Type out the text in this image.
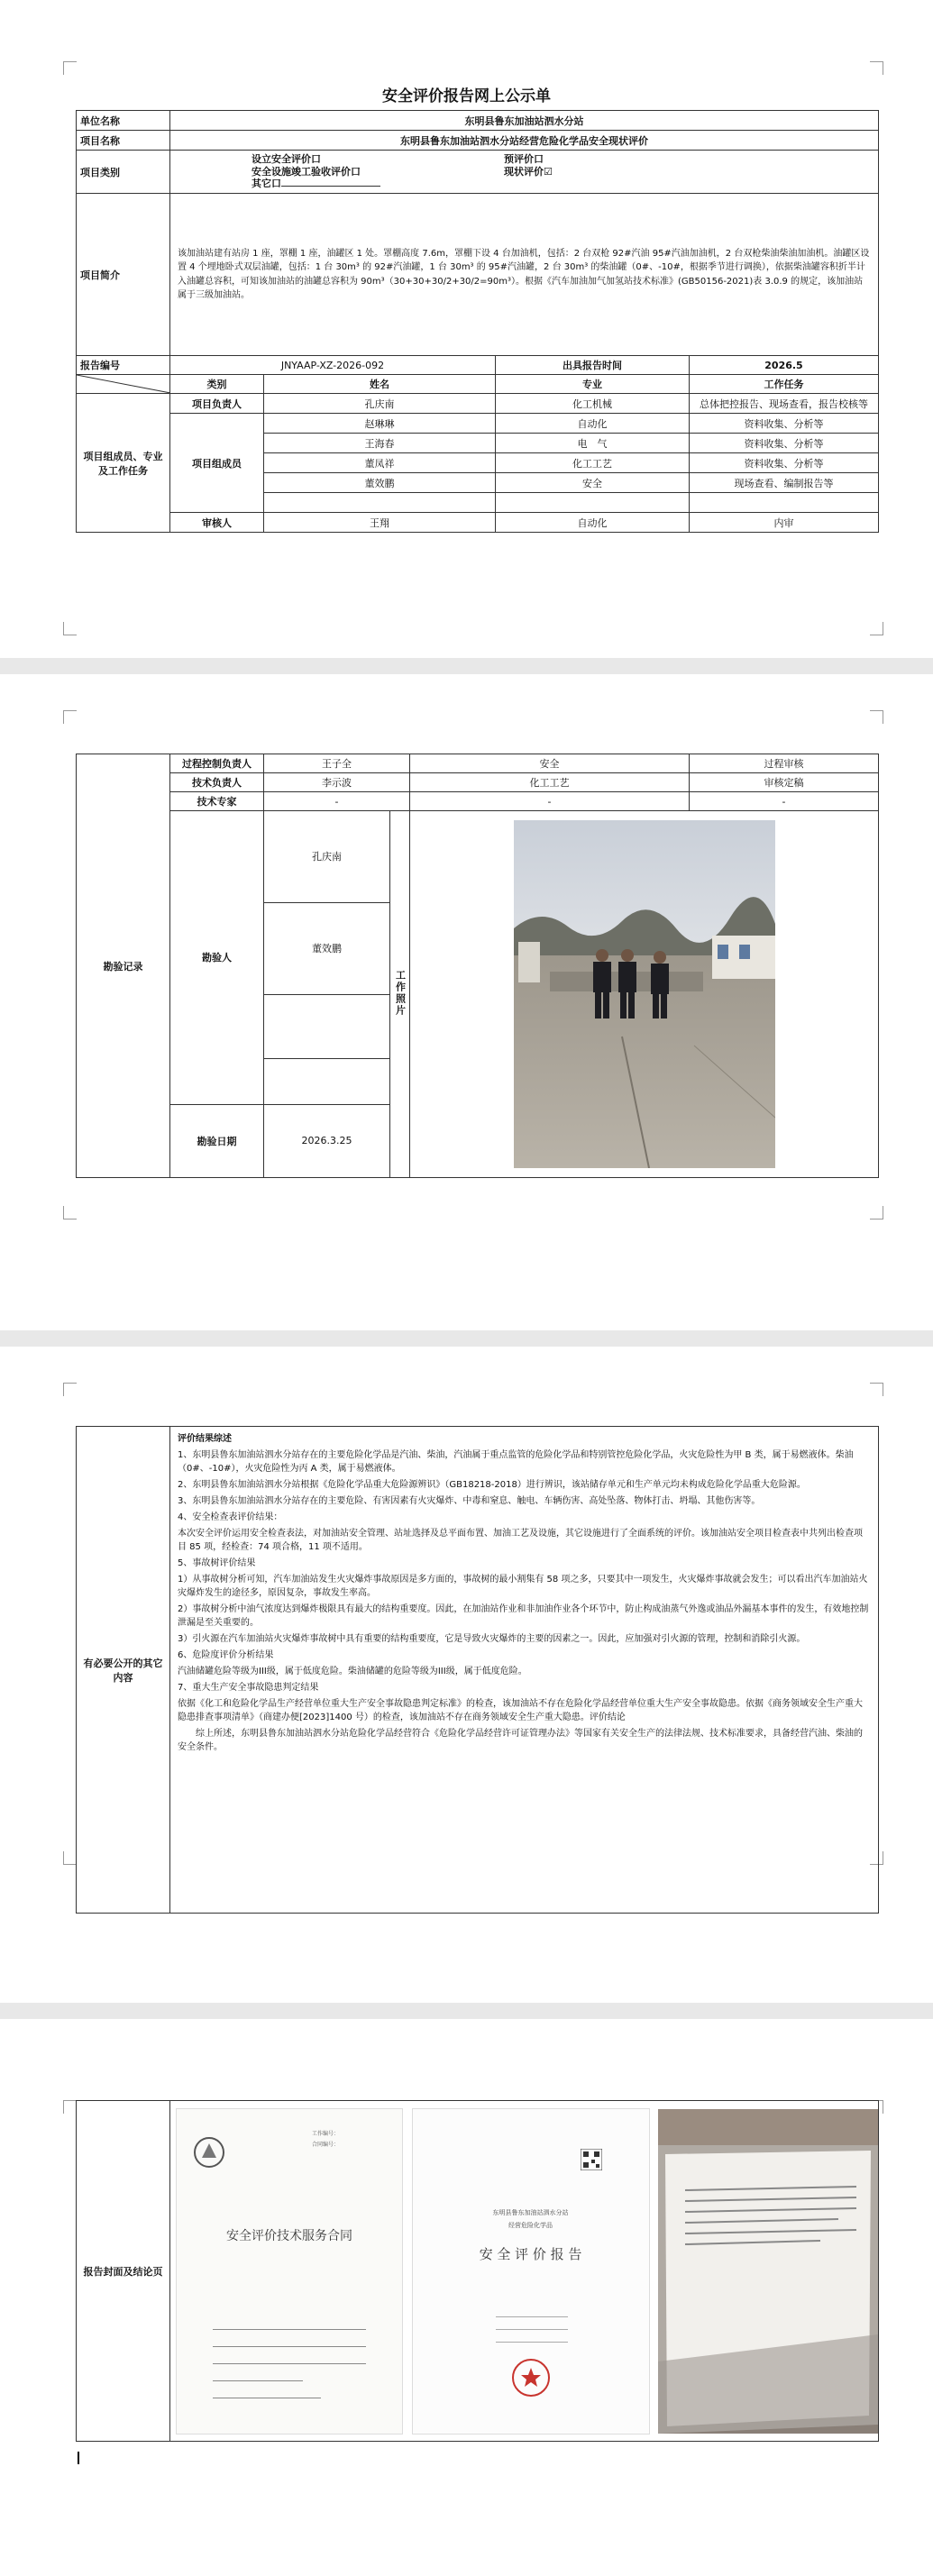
安全评价报告网上公示单
单位名称	东明县鲁东加油站泗水分站			
项目名称	东明县鲁东加油站泗水分站经营危险化学品安全现状评价			
项目类别	设立安全评价口 预评价口
安全设施竣工验收评价口 现状评价☑
其它口			

项目简介	该加油站建有站房 1 座，罩棚 1 座，油罐区 1 处。罩棚高度 7.6m，罩棚下设 4 台加油机，包括：2 台双枪 92#汽油 95#汽油加油机，2 台双枪柴油柴油加油机。油罐区设置 4 个埋地卧式双层油罐，包括：1 台 30m³ 的 92#汽油罐，1 台 30m³ 的 95#汽油罐，2 台 30m³ 的柴油罐（0#、-10#，根据季节进行调换），依据柴油罐容积折半计入油罐总容积，可知该加油站的油罐总容积为 90m³（30+30+30/2+30/2=90m³）。根据《汽车加油加气加氢站技术标准》(GB50156-2021)表 3.0.9 的规定，该加油站属于三级加油站。			
报告编号	JNYAAP-XZ-2026-092		出具报告时间	2026.5

	类别	姓名	专业	工作任务
项目组成员、专业及工作任务	项目负责人	孔庆南	化工机械	总体把控报告、现场查看，报告校核等
	项目组成员	赵琳琳	自动化	资料收集、分析等
		王海春	电　气	资料收集、分析等
		董凤祥	化工工艺	资料收集、分析等
		董效鹏	安全	现场查看、编制报告等

	审核人	王翔	自动化	内审
勘验记录	过程控制负责人	王子全		安全	过程审核
	技术负责人	李示波		化工工艺	审核定稿
	技术专家	-		-	-
	勘验人	孔庆南	工作照片	

		董效鹏			

	勘验日期	2026.3.25			
有必要公开的其它内容	
评价结果综述
1、东明县鲁东加油站泗水分站存在的主要危险化学品是汽油、柴油，汽油属于重点监管的危险化学品和特别管控危险化学品，火灾危险性为甲 B 类，属于易燃液体。柴油（0#、-10#），火灾危险性为丙 A 类，属于易燃液体。
2、东明县鲁东加油站泗水分站根据《危险化学品重大危险源辨识》（GB18218-2018）进行辨识，该站储存单元和生产单元均未构成危险化学品重大危险源。
3、东明县鲁东加油站泗水分站存在的主要危险、有害因素有火灾爆炸、中毒和窒息、触电、车辆伤害、高处坠落、物体打击、坍塌、其他伤害等。
4、安全检查表评价结果：
本次安全评价运用安全检查表法，对加油站安全管理、站址选择及总平面布置、加油工艺及设施，其它设施进行了全面系统的评价。该加油站安全项目检查表中共列出检查项目 85 项，经检查：74 项合格，11 项不适用。
5、事故树评价结果
1）从事故树分析可知，汽车加油站发生火灾爆炸事故原因是多方面的，事故树的最小割集有 58 项之多，只要其中一项发生，火灾爆炸事故就会发生；可以看出汽车加油站火灾爆炸发生的途径多，原因复杂，事故发生率高。
2）事故树分析中油气浓度达到爆炸极限具有最大的结构重要度。因此，在加油站作业和非加油作业各个环节中，防止构成油蒸气外逸或油品外漏基本事件的发生，有效地控制泄漏是至关重要的。
3）引火源在汽车加油站火灾爆炸事故树中具有重要的结构重要度，它是导致火灾爆炸的主要的因素之一。因此，应加强对引火源的管理，控制和消除引火源。
6、危险度评价分析结果
汽油储罐危险等级为III级，属于低度危险。柴油储罐的危险等级为III级，属于低度危险。
7、重大生产安全事故隐患判定结果
依据《化工和危险化学品生产经营单位重大生产安全事故隐患判定标准》的检查，该加油站不存在危险化学品经营单位重大生产安全事故隐患。依据《商务领域安全生产重大隐患排查事项清单》（商建办便[2023]1400 号）的检查，该加油站不存在商务领域安全生产重大隐患。评价结论
综上所述，东明县鲁东加油站泗水分站危险化学品经营符合《危险化学品经营许可证管理办法》等国家有关安全生产的法律法规、技术标准要求，具备经营汽油、柴油的安全条件。
报告封面及结论页	
工作编号：
合同编号：
安全评价技术服务合同

东明县鲁东加油站泗水分站
经营危险化学品
安 全 评 价 报 告
